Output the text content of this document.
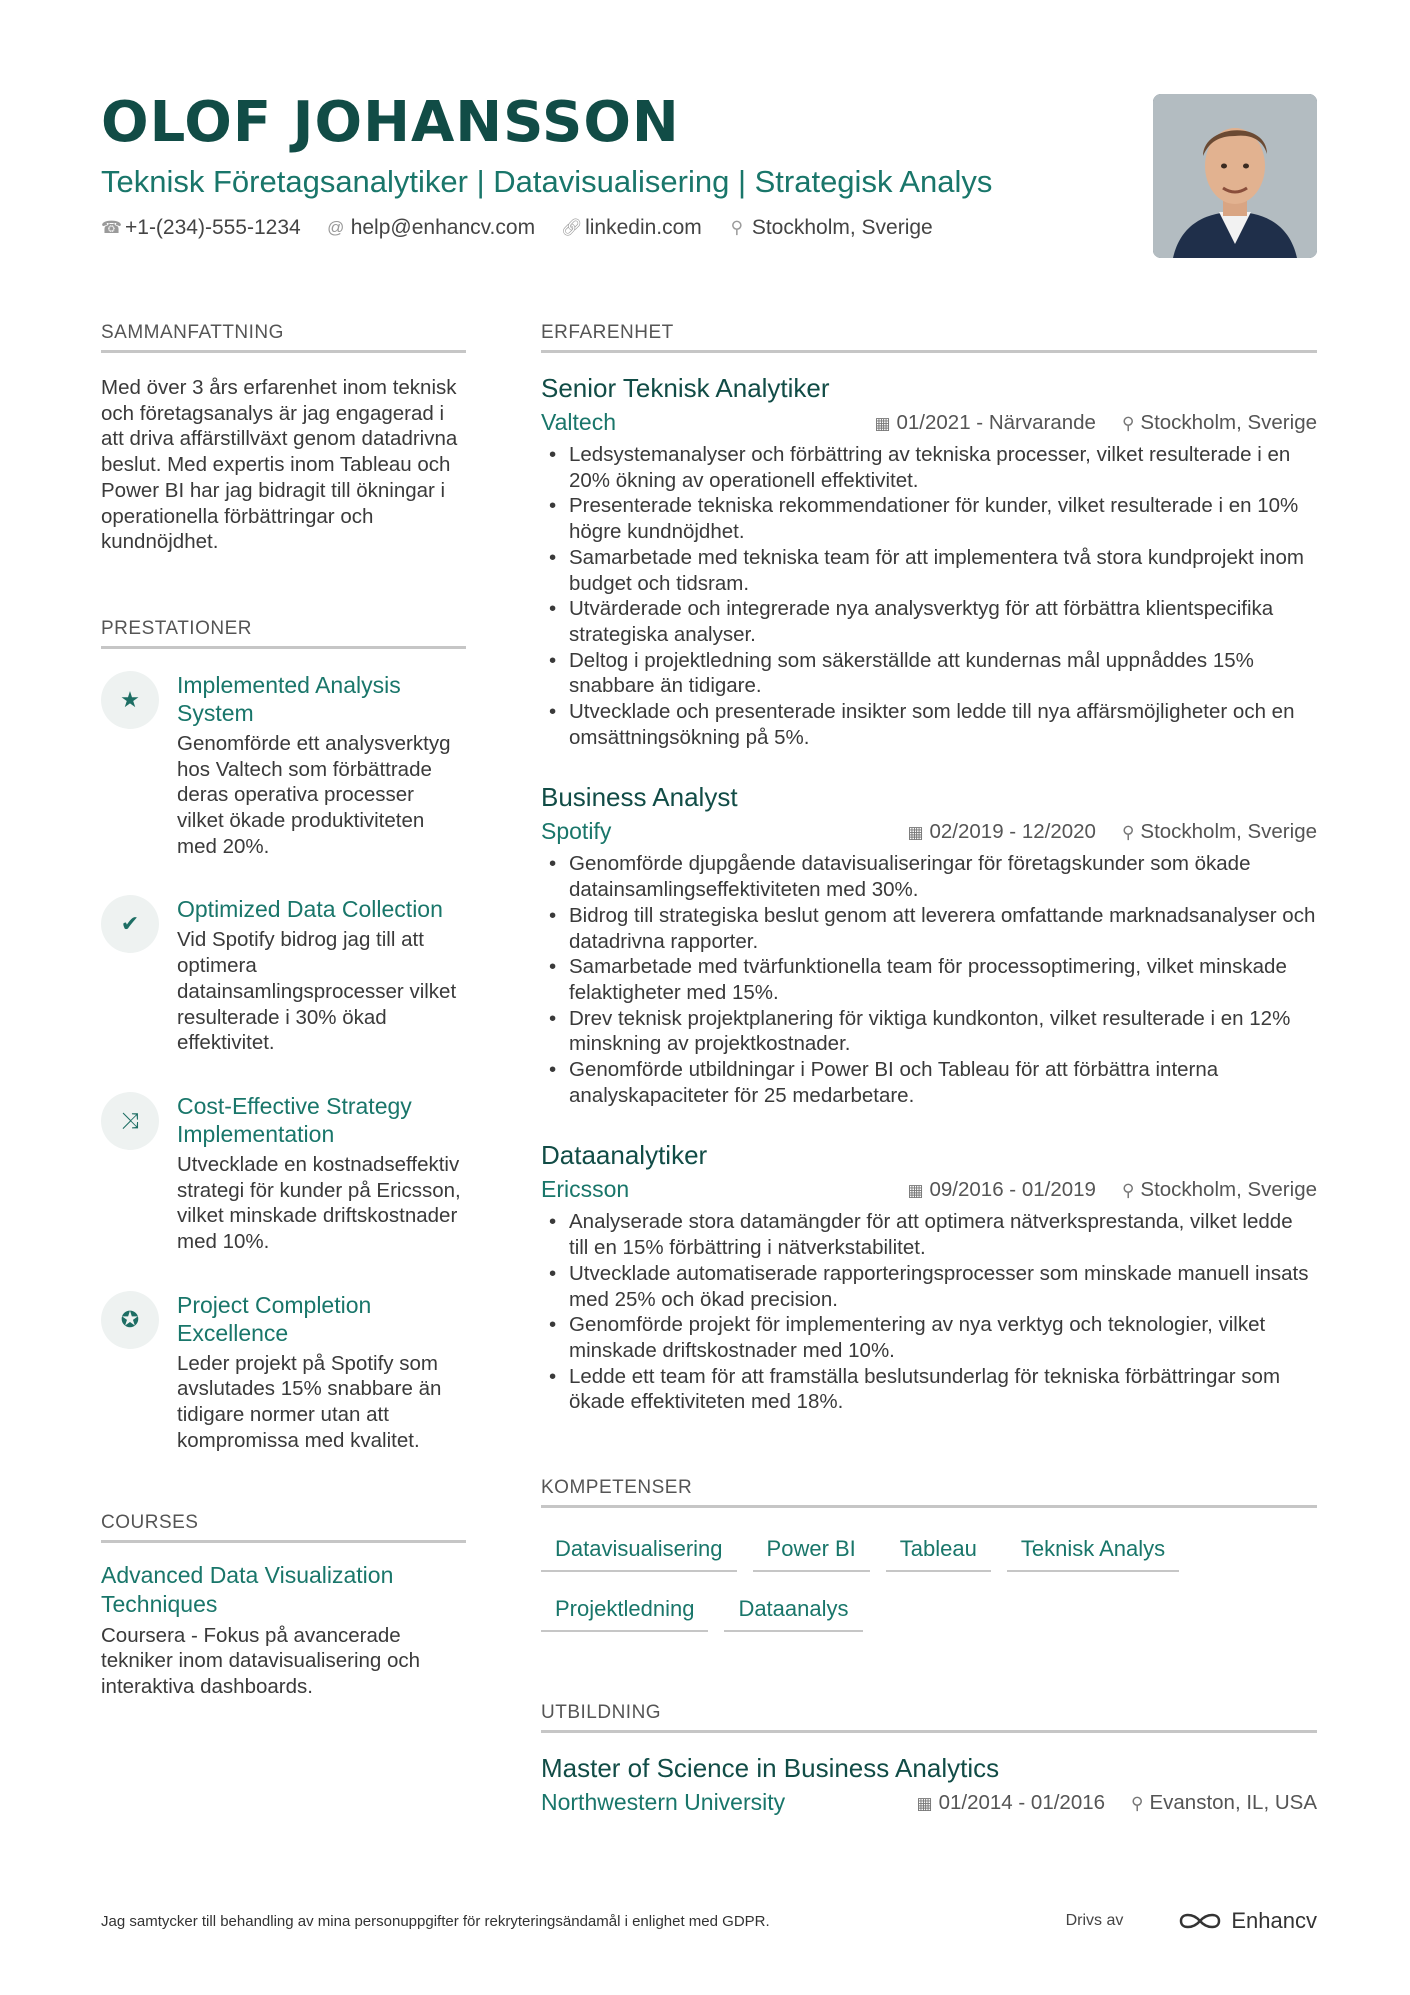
OLOF JOHANSSON
Teknisk Företagsanalytiker | Datavisualisering | Strategisk Analys
☎ +1-(234)-555-1234 @ help@enhancv.com 🔗︎ linkedin.com ⚲ Stockholm, Sverige
SAMMANFATTNING
Med över 3 års erfarenhet inom teknisk och företagsanalys är jag engagerad i att driva affärstillväxt genom datadrivna beslut. Med expertis inom Tableau och Power BI har jag bidragit till ökningar i operationella förbättringar och kundnöjdhet.
PRESTATIONER
★
Implemented Analysis System
Genomförde ett analysverktyg hos Valtech som förbättrade deras operativa processer vilket ökade produktiviteten med 20%.
✔
Optimized Data Collection
Vid Spotify bidrog jag till att optimera datainsamlingsprocesser vilket resulterade i 30% ökad effektivitet.
⤨
Cost-Effective Strategy Implementation
Utvecklade en kostnadseffektiv strategi för kunder på Ericsson, vilket minskade driftskostnader med 10%.
✪
Project Completion Excellence
Leder projekt på Spotify som avslutades 15% snabbare än tidigare normer utan att kompromissa med kvalitet.
COURSES
Advanced Data Visualization Techniques
Coursera - Fokus på avancerade tekniker inom datavisualisering och interaktiva dashboards.
ERFARENHET
Senior Teknisk Analytiker
Valtech	▦ 01/2021 - Närvarande ⚲ Stockholm, Sverige
• Ledsystemanalyser och förbättring av tekniska processer, vilket resulterade i en 20% ökning av operationell effektivitet.
• Presenterade tekniska rekommendationer för kunder, vilket resulterade i en 10% högre kundnöjdhet.
• Samarbetade med tekniska team för att implementera två stora kundprojekt inom budget och tidsram.
• Utvärderade och integrerade nya analysverktyg för att förbättra klientspecifika strategiska analyser.
• Deltog i projektledning som säkerställde att kundernas mål uppnåddes 15% snabbare än tidigare.
• Utvecklade och presenterade insikter som ledde till nya affärsmöjligheter och en omsättningsökning på 5%.
Business Analyst
Spotify	▦ 02/2019 - 12/2020 ⚲ Stockholm, Sverige
• Genomförde djupgående datavisualiseringar för företagskunder som ökade datainsamlingseffektiviteten med 30%.
• Bidrog till strategiska beslut genom att leverera omfattande marknadsanalyser och datadrivna rapporter.
• Samarbetade med tvärfunktionella team för processoptimering, vilket minskade felaktigheter med 15%.
• Drev teknisk projektplanering för viktiga kundkonton, vilket resulterade i en 12% minskning av projektkostnader.
• Genomförde utbildningar i Power BI och Tableau för att förbättra interna analyskapaciteter för 25 medarbetare.
Dataanalytiker
Ericsson	▦ 09/2016 - 01/2019 ⚲ Stockholm, Sverige
• Analyserade stora datamängder för att optimera nätverksprestanda, vilket ledde till en 15% förbättring i nätverkstabilitet.
• Utvecklade automatiserade rapporteringsprocesser som minskade manuell insats med 25% och ökad precision.
• Genomförde projekt för implementering av nya verktyg och teknologier, vilket minskade driftskostnader med 10%.
• Ledde ett team för att framställa beslutsunderlag för tekniska förbättringar som ökade effektiviteten med 18%.
KOMPETENSER
Datavisualisering	Power BI	Tableau	Teknisk Analys
Projektledning	Dataanalys
UTBILDNING
Master of Science in Business Analytics
Northwestern University	▦ 01/2014 - 01/2016 ⚲ Evanston, IL, USA
Jag samtycker till behandling av mina personuppgifter för rekryteringsändamål i enlighet med GDPR.	Drivs av	Enhancv
